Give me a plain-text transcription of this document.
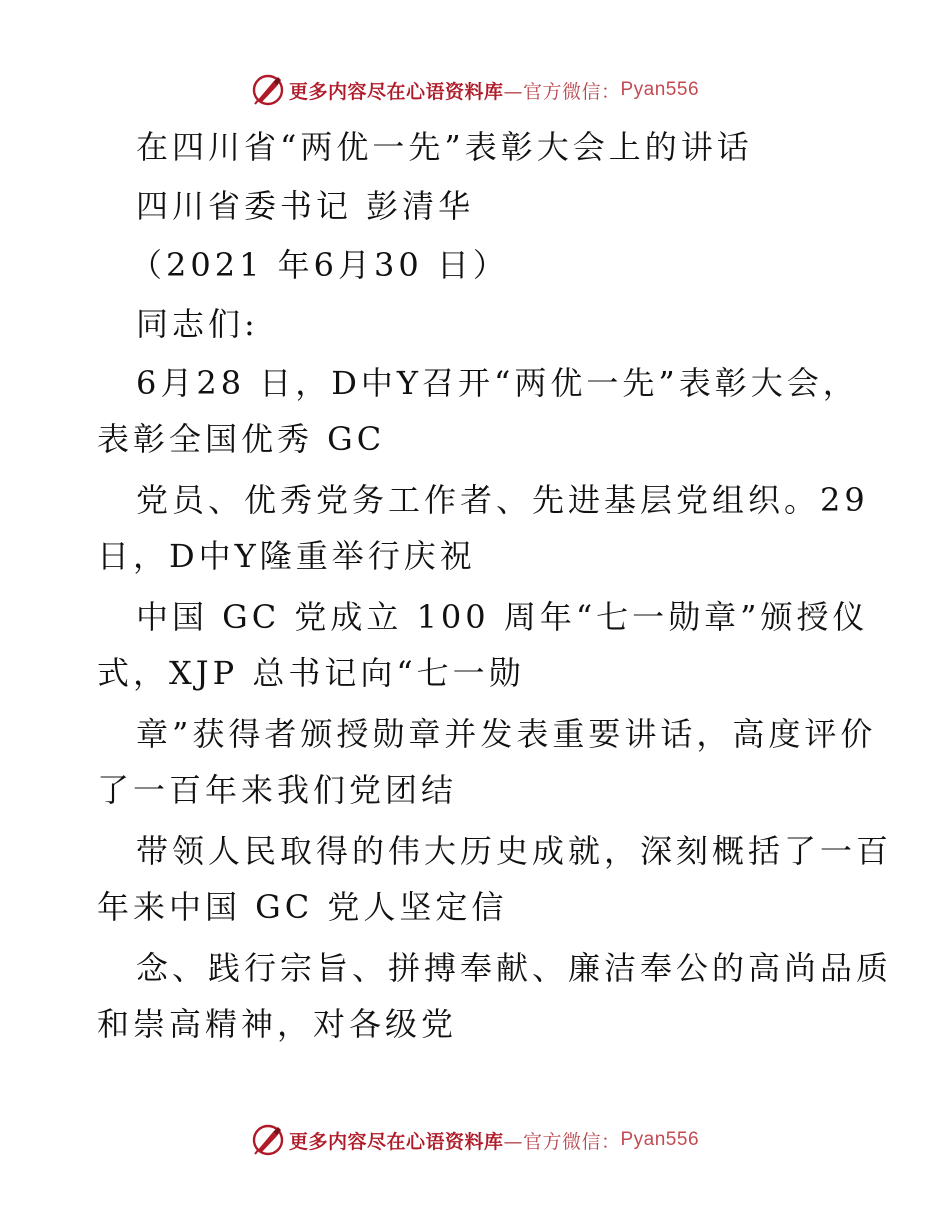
更多内容尽在心语资料库 —官方微信： Pyan556
在四川省“两优一先”表彰大会上的讲话
四川省委书记 彭清华
（2021 年6月30 日）
同志们:
6月28 日，D中Y召开“两优一先”表彰大会，
表彰全国优秀 GC
党员、优秀党务工作者、先进基层党组织。29
日，D中Y隆重举行庆祝
中国 GC 党成立 100 周年“七一勋章”颁授仪
式，XJP 总书记向“七一勋
章”获得者颁授勋章并发表重要讲话，高度评价
了一百年来我们党团结
带领人民取得的伟大历史成就，深刻概括了一百
年来中国 GC 党人坚定信
念、践行宗旨、拼搏奉献、廉洁奉公的高尚品质
和崇高精神，对各级党
更多内容尽在心语资料库 —官方微信： Pyan556
